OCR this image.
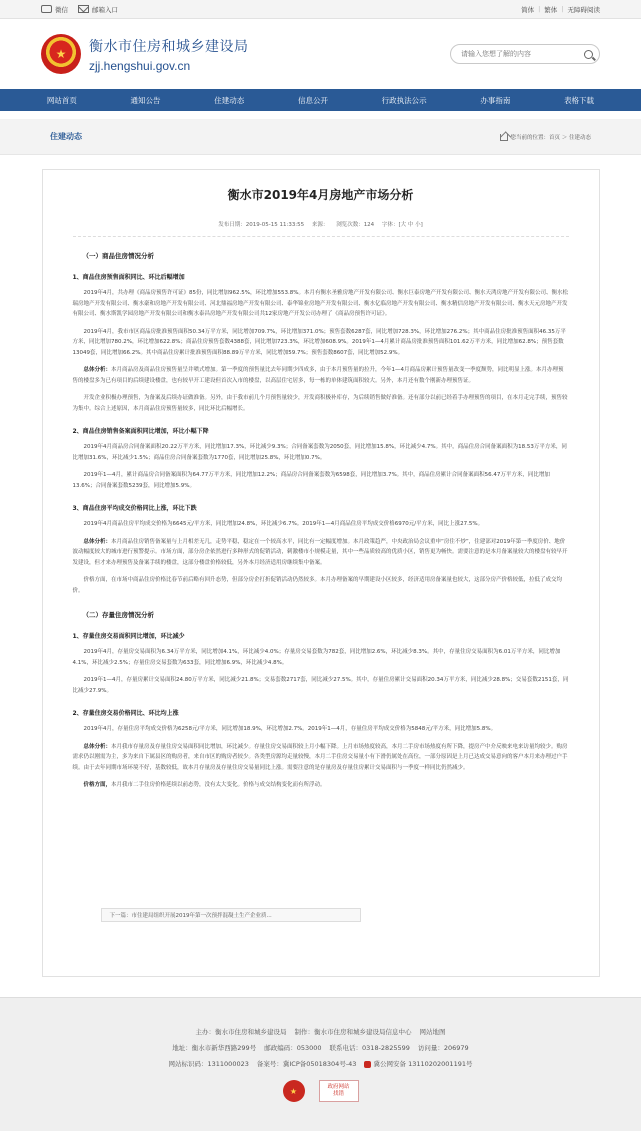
微信	邮箱入口	简体 | 繁体 | 无障碍阅读
★	衡水市住房和城乡建设局
zjj.hengshui.gov.cn
请输入您想了解的内容
网站首页	通知公告	住建动态	信息公开	行政执法公示	办事指南	表格下载
住建动态	您当前的位置：首页 ＞ 住建动态
衡水市2019年4月房地产市场分析
发布日期：2019-05-15 11:33:55 来源： 浏览次数：124 字体：[大 中 小]
（一）商品住房情况分析
1、商品住房预售面积同比、环比后幅增加

2019年4月，共办理《商品房预售许可证》85份，同比增加962.5%，环比增加553.8%。本月有衡水圣雅房地产开发有限公司、衡水巨泰房地产开发有限公司、衡水天鸿房地产开发有限公司、衡水松瑞房地产开发有限公司、衡水豪和房地产开发有限公司、河北鼎福房地产开发有限公司、泰华锦业房地产开发有限公司、衡水亿临房地产开发有限公司、衡水精信房地产开发有限公司、衡水天元房地产开发有限公司、衡水斯凯学园房地产开发有限公司和衡水泰昌房地产开发有限公司共12家房地产开发公司办理了《商品房预售许可证》。

2019年4月，我市市区商品房批准预售面积50.34万平方米，同比增加709.7%，环比增加371.0%；预售套数6287套，同比增加728.3%，环比增加276.2%；其中商品住房批准预售面积46.35万平方米，同比增加780.2%，环比增加622.8%；商品住房预售套数4388套，同比增加723.3%，环比增加608.9%。2019年1—4月累计商品房批准预售面积101.62万平方米，同比增加62.8%；预售套数13049套，同比增加66.2%。其中商品住房累计批准预售面积88.89万平方米，同比增加59.7%；预售套数8607套，同比增加52.9%。

总体分析：本月商品房及商品住房预售量呈井喷式增加。第一季度的预售量比去年同期少四成多，由于本月预售量的拉升，今年1—4月商品房累计预售量改变一季度颓势，同比明显上涨。本月办理预售的楼盘多为已有项目的后续建设楼盘，也有较早开工建设但首次入市的楼盘，以高层住宅居多，每一栋的单体建筑面积较大。另外，本月还有数个刚新办理预售证。

开发企业积极办理预售，为备案及后续办证做准备。另外，由于我市前几个月预售量较少，开发商积极补库存，为后续销售做好准备。还有部分以前已经着手办理预售的项目，在本月走完手续，预售较为集中。综合上述原因，本月商品住房预售量较多，同比环比后幅增长。

2、商品住房销售备案面积同比增加，环比小幅下降

2019年4月商品房合同备案面积20.22万平方米，同比增加17.3%，环比减少9.3%；合同备案套数为2050套，同比增加15.8%，环比减少4.7%。其中，商品住房合同备案面积为18.53万平方米，同比增加31.6%，环比减少1.5%；商品住房合同备案套数为1770套，同比增加25.8%，环比增加0.7%。

2019年1—4月，累计商品房合同备案面积为64.77万平方米，同比增加12.2%；商品房合同备案套数为6598套，同比增加3.7%。其中，商品住房累计合同备案面积56.47万平方米，同比增加13.6%；合同备案套数5239套，同比增加5.9%。

3、商品住房平均成交价格同比上涨，环比下跌

2019年4月商品住房平均成交价格为6645元/平方米，同比增加24.8%，环比减少6.7%。2019年1—4月商品住房平均成交价格6970元/平方米，同比上涨27.5%。

总体分析：本月商品住房销售备案量与上月相差无几，走势平稳，稳定在一个较高水平，同比有一定幅度增加。本月政策趋严，中央政治局会议重申“房住不炒”，住建部对2019年第一季度房价、地价波动幅度较大的城市进行预警提示。市场方面，部分房企依然进行多种形式的促销活动，刺激楼市小规模走量，其中一些品质较高的优质小区，销售更为畅快。需要注意的是本月备案量较大的楼盘有较早开发建设，但才来办理预售及备案手续的楼盘，这部分楼盘价格较低，另外本月经济适用房继续集中备案。

价格方面，在市场中商品住房价格比春节前后略有回升态势，但部分房企打折促销活动仍然较多。本月办理备案的早期建设小区较多，经济适用房备案量也较大，这部分房产价格较低，拉低了成交均价。

（二）存量住房情况分析
1、存量住房交易面积同比增加，环比减少

2019年4月，存量房交易面积为6.34万平方米，同比增加4.1%，环比减少4.0%；存量房交易套数为782套，同比增加2.6%，环比减少8.3%。其中，存量住房交易面积为6.01万平方米，同比增加4.1%，环比减少2.5%；存量住房交易套数为633套，同比增加6.9%，环比减少4.8%。

2019年1—4月，存量房累计交易面积24.80万平方米，同比减少21.8%；交易套数2717套，同比减少27.5%。其中，存量住房累计交易面积20.34万平方米，同比减少28.8%；交易套数2151套，同比减少27.9%。

2、存量住房交易价格同比、环比均上涨

2019年4月，存量住房平均成交价格为6258元/平方米，同比增加18.9%，环比增加2.7%。2019年1—4月，存量住房平均成交价格为5848元/平方米，同比增加5.8%。

总体分析：本月我市存量房及存量住房交易面积同比增加，环比减少。存量住房交易面积较上月小幅下降。上月市场热度较高，本月二手房市场热度有所下降，提房产中介反映来电来访量均较少。购房需求仍以刚需为主，多为来自下属县区的购房者，来自市区的购房者较少。各类型房源均走量较慢，本月二手住房交易量小有下滑仍属处在高位，一部分原因是上月已达成交易意向的客户本月来办理过户手续。由于去年同期市场环境不好，基数较低，故本月存量房及存量住房交易量同比上涨。需要注意的是存量房及存量住房累计交易面积与一季度一样同比仍然减少。

价格方面，本月我市二手住房价格延续以前态势，没有太大变化。价格与成交结构变化而有所浮动。

下一篇：市住建局组织开展2019年第一次预拌混凝土生产企业质...
主办：衡水市住房和城乡建设局 制作：衡水市住房和城乡建设局信息中心 网站地图
地址：衡水市新华西路299号 邮政编码：053000 联系电话：0318-2825599 访问量：206979
网站标识码：1311000023 备案号：冀ICP备05018304号-43	冀公网安备 13110202001191号
★	政府网站
找错
